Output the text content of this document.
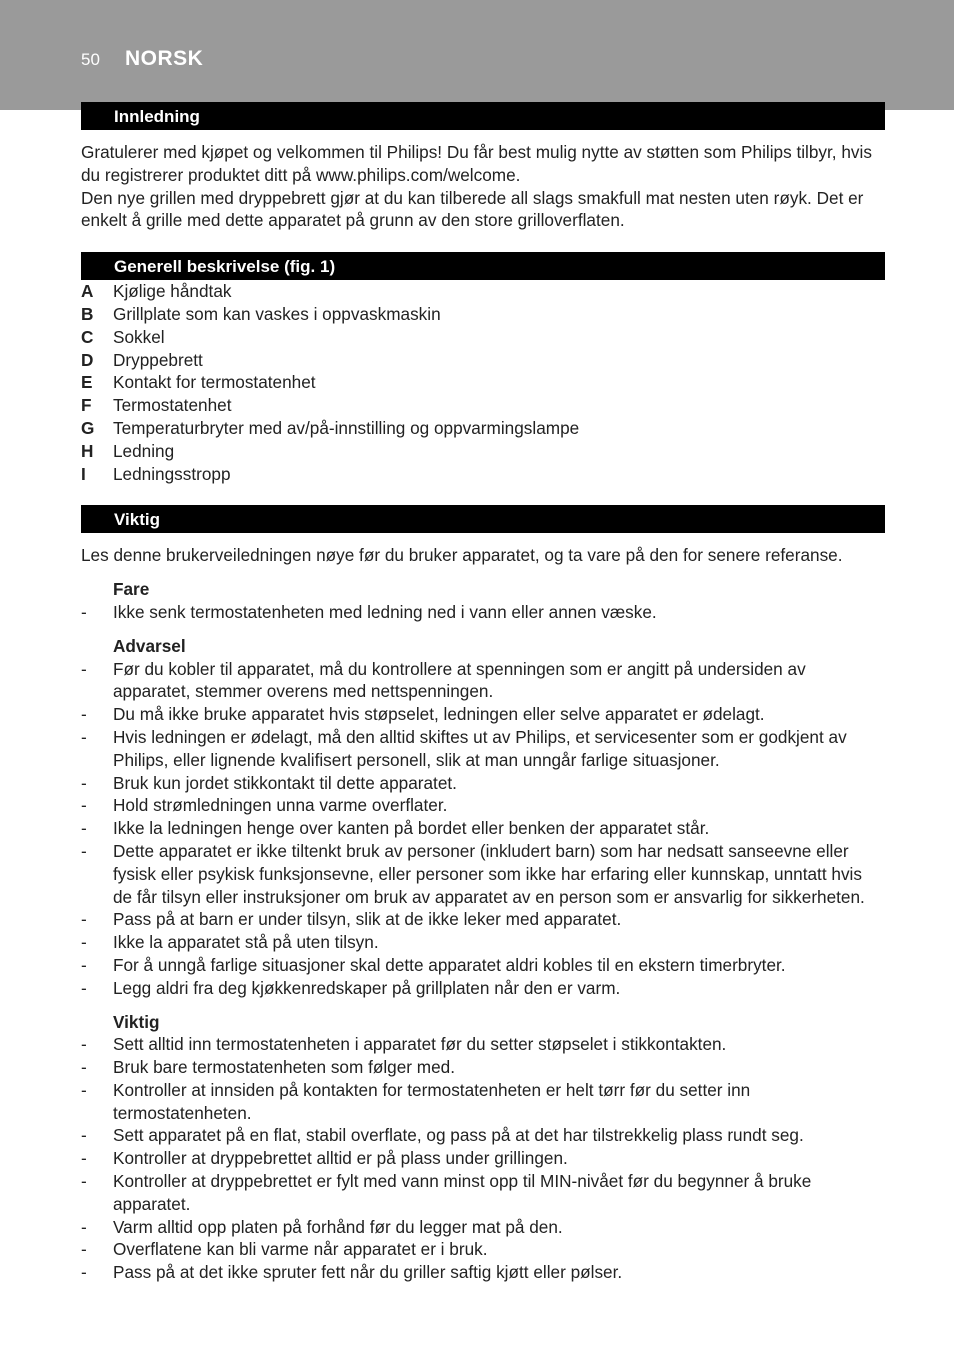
50 NORSK
Innledning

Gratulerer med kjøpet og velkommen til Philips! Du får best mulig nytte av støtten som Philips tilbyr, hvis du registrerer produktet ditt på www.philips.com/welcome.

Den nye grillen med dryppebrett gjør at du kan tilberede all slags smakfull mat nesten uten røyk. Det er enkelt å grille med dette apparatet på grunn av den store grilloverflaten.

Generell beskrivelse (fig. 1)
A	Kjølige håndtak
B	Grillplate som kan vaskes i oppvaskmaskin
C	Sokkel
D	Dryppebrett
E	Kontakt for termostatenhet
F	Termostatenhet
G	Temperaturbryter med av/på-innstilling og oppvarmingslampe
H	Ledning
I	Ledningsstropp
Viktig

Les denne brukerveiledningen nøye før du bruker apparatet, og ta vare på den for senere referanse.

Fare
-	Ikke senk termostatenheten med ledning ned i vann eller annen væske.
Advarsel
-	Før du kobler til apparatet, må du kontrollere at spenningen som er angitt på undersiden av apparatet, stemmer overens med nettspenningen.
-	Du må ikke bruke apparatet hvis støpselet, ledningen eller selve apparatet er ødelagt.
-	Hvis ledningen er ødelagt, må den alltid skiftes ut av Philips, et servicesenter som er godkjent av Philips, eller lignende kvalifisert personell, slik at man unngår farlige situasjoner.
-	Bruk kun jordet stikkontakt til dette apparatet.
-	Hold strømledningen unna varme overflater.
-	Ikke la ledningen henge over kanten på bordet eller benken der apparatet står.
-	Dette apparatet er ikke tiltenkt bruk av personer (inkludert barn) som har nedsatt sanseevne eller fysisk eller psykisk funksjonsevne, eller personer som ikke har erfaring eller kunnskap, unntatt hvis de får tilsyn eller instruksjoner om bruk av apparatet av en person som er ansvarlig for sikkerheten.
-	Pass på at barn er under tilsyn, slik at de ikke leker med apparatet.
-	Ikke la apparatet stå på uten tilsyn.
-	For å unngå farlige situasjoner skal dette apparatet aldri kobles til en ekstern timerbryter.
-	Legg aldri fra deg kjøkkenredskaper på grillplaten når den er varm.
Viktig
-	Sett alltid inn termostatenheten i apparatet før du setter støpselet i stikkontakten.
-	Bruk bare termostatenheten som følger med.
-	Kontroller at innsiden på kontakten for termostatenheten er helt tørr før du setter inn termostatenheten.
-	Sett apparatet på en flat, stabil overflate, og pass på at det har tilstrekkelig plass rundt seg.
-	Kontroller at dryppebrettet alltid er på plass under grillingen.
-	Kontroller at dryppebrettet er fylt med vann minst opp til MIN-nivået før du begynner å bruke apparatet.
-	Varm alltid opp platen på forhånd før du legger mat på den.
-	Overflatene kan bli varme når apparatet er i bruk.
-	Pass på at det ikke spruter fett når du griller saftig kjøtt eller pølser.
